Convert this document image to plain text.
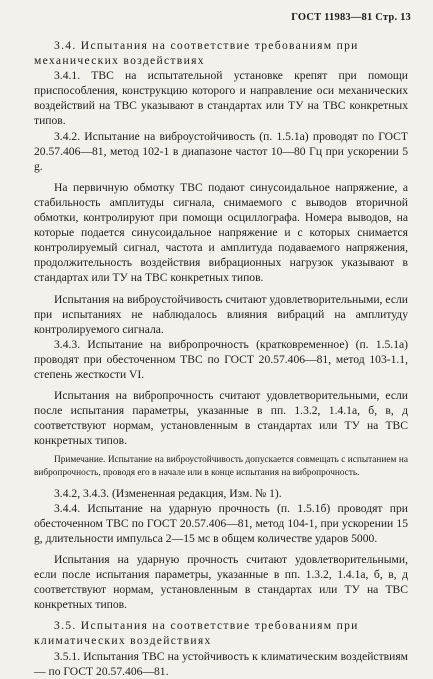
ГОСТ 11983—81 Стр. 13

3.4. Испытания на соответствие требованиям при механических воздействиях

3.4.1. ТВС на испытательной установке крепят при помощи приспособления, конструкцию которого и направление оси механических воздействий на ТВС указывают в стандартах или ТУ на ТВС конкретных типов.

3.4.2. Испытание на виброустойчивость (п. 1.5.1а) проводят по ГОСТ 20.57.406—81, метод 102-1 в диапазоне частот 10—80 Гц при ускорении 5 g.

На первичную обмотку ТВС подают синусоидальное напряжение, а стабильность амплитуды сигнала, снимаемого с выводов вторичной обмотки, контролируют при помощи осциллографа. Номера выводов, на которые подается синусоидальное напряжение и с которых снимается контролируемый сигнал, частота и амплитуда подаваемого напряжения, продолжительность воздействия вибрационных нагрузок указывают в стандартах или ТУ на ТВС конкретных типов.

Испытания на виброустойчивость считают удовлетворительными, если при испытаниях не наблюдалось влияния вибраций на амплитуду контролируемого сигнала.

3.4.3. Испытание на вибропрочность (кратковременное) (п. 1.5.1а) проводят при обесточенном ТВС по ГОСТ 20.57.406—81, метод 103-1.1, степень жесткости VI.

Испытания на вибропрочность считают удовлетворительными, если после испытания параметры, указанные в пп. 1.3.2, 1.4.1а, б, в, д соответствуют нормам, установленным в стандартах или ТУ на ТВС конкретных типов.

Примечание. Испытание на виброустойчивость допускается совмещать с испытанием на вибропрочность, проводя его в начале или в конце испытания на вибропрочность.

3.4.2, 3.4.3. (Измененная редакция, Изм. № 1).

3.4.4. Испытание на ударную прочность (п. 1.5.1б) проводят при обесточенном ТВС по ГОСТ 20.57.406—81, метод 104-1, при ускорении 15 g, длительности импульса 2—15 мс в общем количестве ударов 5000.

Испытания на ударную прочность считают удовлетворительными, если после испытания параметры, указанные в пп. 1.3.2, 1.4.1а, б, в, д соответствуют нормам, установленным в стандартах или ТУ на ТВС конкретных типов.

3.5. Испытания на соответствие требованиям при климатических воздействиях

3.5.1. Испытания ТВС на устойчивость к климатическим воздействиям — по ГОСТ 20.57.406—81.
